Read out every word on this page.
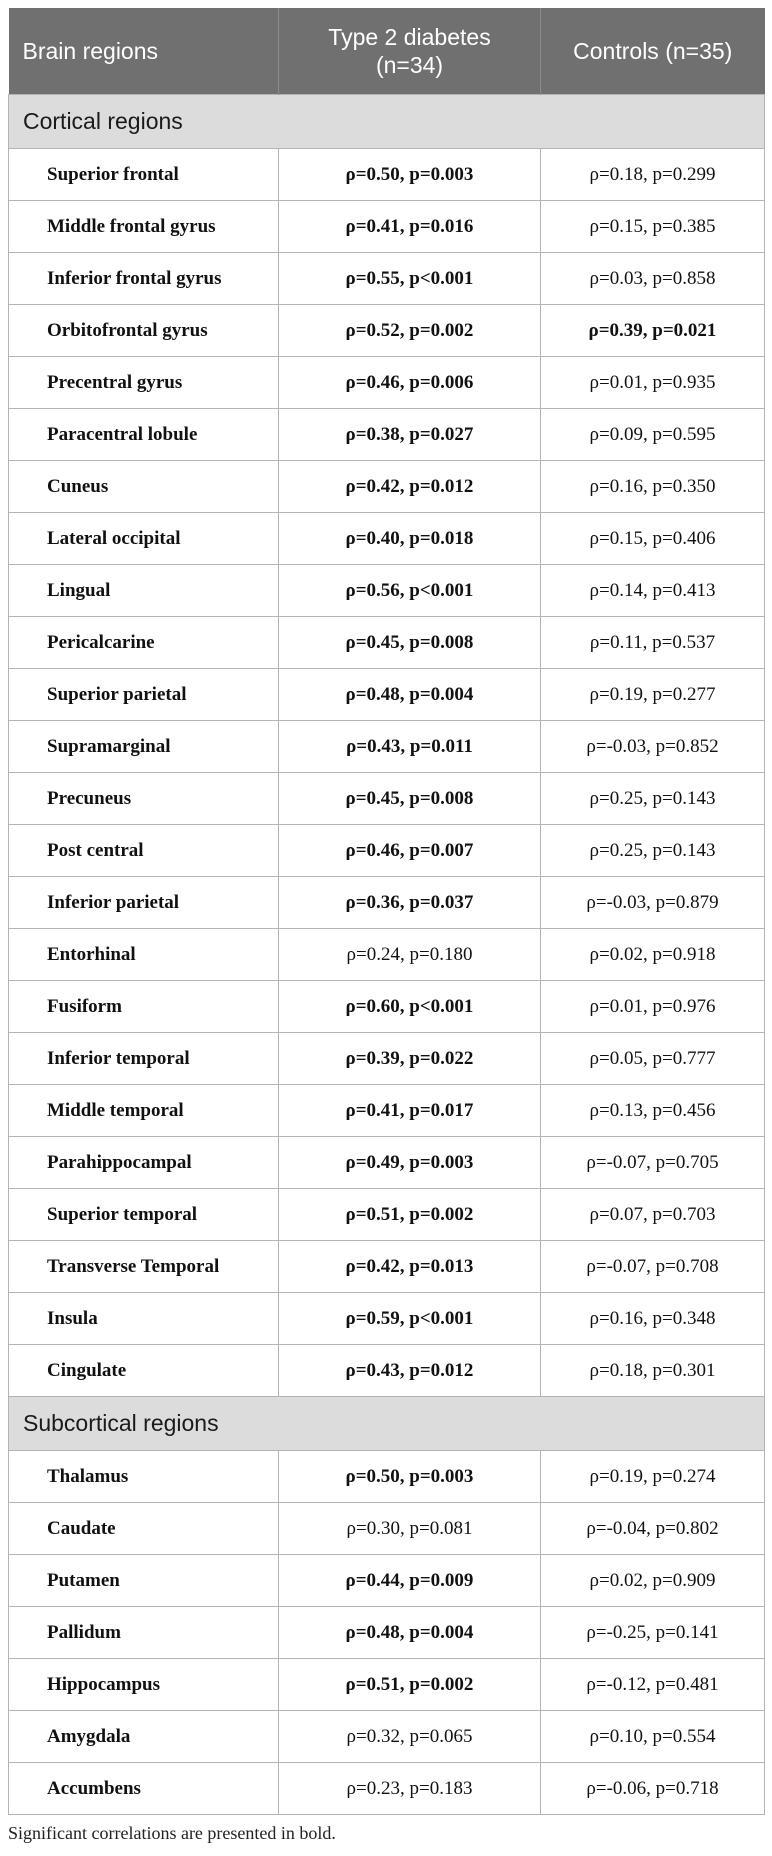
Brain regions	Type 2 diabetes (n=34)	Controls (n=35)
Cortical regions		
Superior frontal	ρ=0.50, p=0.003	ρ=0.18, p=0.299
Middle frontal gyrus	ρ=0.41, p=0.016	ρ=0.15, p=0.385
Inferior frontal gyrus	ρ=0.55, p<0.001	ρ=0.03, p=0.858
Orbitofrontal gyrus	ρ=0.52, p=0.002	ρ=0.39, p=0.021
Precentral gyrus	ρ=0.46, p=0.006	ρ=0.01, p=0.935
Paracentral lobule	ρ=0.38, p=0.027	ρ=0.09, p=0.595
Cuneus	ρ=0.42, p=0.012	ρ=0.16, p=0.350
Lateral occipital	ρ=0.40, p=0.018	ρ=0.15, p=0.406
Lingual	ρ=0.56, p<0.001	ρ=0.14, p=0.413
Pericalcarine	ρ=0.45, p=0.008	ρ=0.11, p=0.537
Superior parietal	ρ=0.48, p=0.004	ρ=0.19, p=0.277
Supramarginal	ρ=0.43, p=0.011	ρ=-0.03, p=0.852
Precuneus	ρ=0.45, p=0.008	ρ=0.25, p=0.143
Post central	ρ=0.46, p=0.007	ρ=0.25, p=0.143
Inferior parietal	ρ=0.36, p=0.037	ρ=-0.03, p=0.879
Entorhinal	ρ=0.24, p=0.180	ρ=0.02, p=0.918
Fusiform	ρ=0.60, p<0.001	ρ=0.01, p=0.976
Inferior temporal	ρ=0.39, p=0.022	ρ=0.05, p=0.777
Middle temporal	ρ=0.41, p=0.017	ρ=0.13, p=0.456
Parahippocampal	ρ=0.49, p=0.003	ρ=-0.07, p=0.705
Superior temporal	ρ=0.51, p=0.002	ρ=0.07, p=0.703
Transverse Temporal	ρ=0.42, p=0.013	ρ=-0.07, p=0.708
Insula	ρ=0.59, p<0.001	ρ=0.16, p=0.348
Cingulate	ρ=0.43, p=0.012	ρ=0.18, p=0.301
Subcortical regions		
Thalamus	ρ=0.50, p=0.003	ρ=0.19, p=0.274
Caudate	ρ=0.30, p=0.081	ρ=-0.04, p=0.802
Putamen	ρ=0.44, p=0.009	ρ=0.02, p=0.909
Pallidum	ρ=0.48, p=0.004	ρ=-0.25, p=0.141
Hippocampus	ρ=0.51, p=0.002	ρ=-0.12, p=0.481
Amygdala	ρ=0.32, p=0.065	ρ=0.10, p=0.554
Accumbens	ρ=0.23, p=0.183	ρ=-0.06, p=0.718
Significant correlations are presented in bold.
